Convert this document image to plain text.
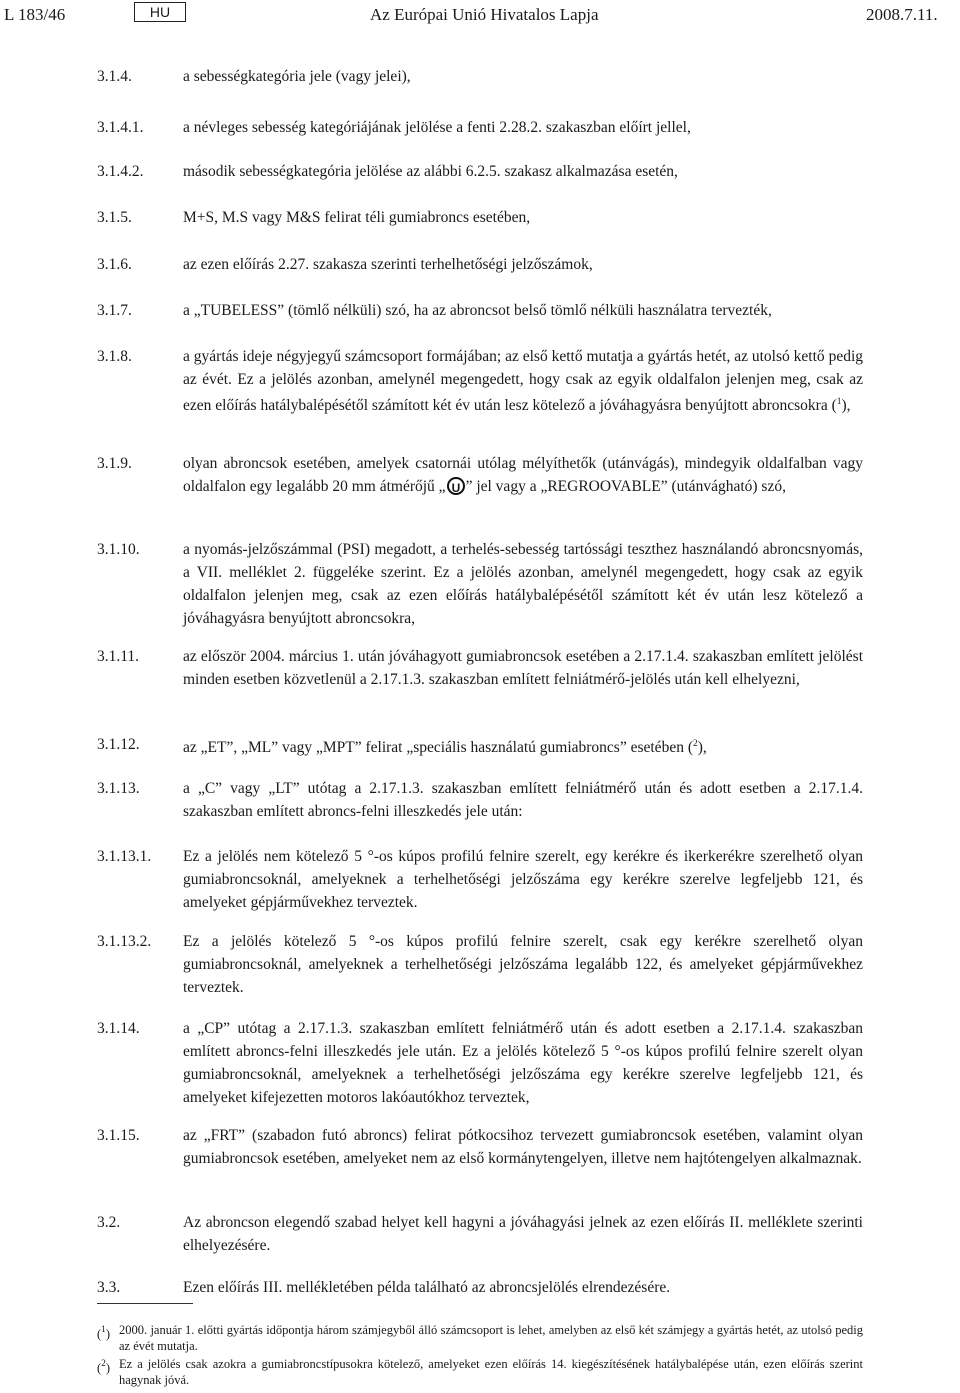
L 183/46	HU	Az Európai Unió Hivatalos Lapja	2008.7.11.
3.1.4.	a sebességkategória jele (vagy jelei),
3.1.4.1.	a névleges sebesség kategóriájának jelölése a fenti 2.28.2. szakaszban előírt jellel,
3.1.4.2.	második sebességkategória jelölése az alábbi 6.2.5. szakasz alkalmazása esetén,
3.1.5.	M+S, M.S vagy M&S felirat téli gumiabroncs esetében,
3.1.6.	az ezen előírás 2.27. szakasza szerinti terhelhetőségi jelzőszámok,
3.1.7.	a „TUBELESS” (tömlő nélküli) szó, ha az abroncsot belső tömlő nélküli használatra tervezték,
3.1.8.	a gyártás ideje négyjegyű számcsoport formájában; az első kettő mutatja a gyártás hetét, az utolsó kettő pedig az évét. Ez a jelölés azonban, amelynél megengedett, hogy csak az egyik oldalfalon jelenjen meg, csak az ezen előírás hatálybalépésétől számított két év után lesz kötelező a jóváhagyásra benyújtott abroncsokra ($^1$),
3.1.9.	olyan abroncsok esetében, amelyek csatornái utólag mélyíthetők (utánvágás), mindegyik oldalfalban vagy oldalfalon egy legalább 20 mm átmérőjű „U ” jel vagy a „REGROOVABLE” (utánvágható) szó,
3.1.10.	a nyomás-jelzőszámmal (PSI) megadott, a terhelés-sebesség tartóssági teszthez használandó abroncsnyomás, a VII. melléklet 2. függeléke szerint. Ez a jelölés azonban, amelynél megengedett, hogy csak az egyik oldalfalon jelenjen meg, csak az ezen előírás hatálybalépésétől számított két év után lesz kötelező a jóváhagyásra benyújtott abroncsokra,
3.1.11.	az először 2004. március 1. után jóváhagyott gumiabroncsok esetében a 2.17.1.4. szakaszban említett jelölést minden esetben közvetlenül a 2.17.1.3. szakaszban említett felniátmérő-jelölés után kell elhelyezni,
3.1.12.	az „ET”, „ML” vagy „MPT” felirat „speciális használatú gumiabroncs” esetében ($^2$),
3.1.13.	a „C” vagy „LT” utótag a 2.17.1.3. szakaszban említett felniátmérő után és adott esetben a 2.17.1.4. szakaszban említett abroncs-felni illeszkedés jele után:
3.1.13.1. Ez a jelölés nem kötelező 5 °-os kúpos profilú felnire szerelt, egy kerékre és ikerkerékre szerelhető olyan gumiabroncsoknál, amelyeknek a terhelhetőségi jelzőszáma egy kerékre szerelve legfeljebb 121, és amelyeket gépjárművekhez terveztek.
3.1.13.2. Ez a jelölés kötelező 5 °-os kúpos profilú felnire szerelt, csak egy kerékre szerelhető olyan gumiabroncsoknál, amelyeknek a terhelhetőségi jelzőszáma legalább 122, és amelyeket gépjárművekhez terveztek.
3.1.14.	a „CP” utótag a 2.17.1.3. szakaszban említett felniátmérő után és adott esetben a 2.17.1.4. szakaszban említett abroncs-felni illeszkedés jele után. Ez a jelölés kötelező 5 °-os kúpos profilú felnire szerelt olyan gumiabroncsoknál, amelyeknek a terhelhetőségi jelzőszáma egy kerékre szerelve legfeljebb 121, és amelyeket kifejezetten motoros lakóautókhoz terveztek,
3.1.15.	az „FRT” (szabadon futó abroncs) felirat pótkocsihoz tervezett gumiabroncsok esetében, valamint olyan gumiabroncsok esetében, amelyeket nem az első kormánytengelyen, illetve nem hajtótengelyen alkalmaznak.
3.2.	Az abroncson elegendő szabad helyet kell hagyni a jóváhagyási jelnek az ezen előírás II. melléklete szerinti elhelyezésére.
3.3.	Ezen előírás III. mellékletében példa található az abroncsjelölés elrendezésére.
($^1$) 2000. január 1. előtti gyártás időpontja három számjegyből álló számcsoport is lehet, amelyben az első két számjegy a gyártás hetét, az utolsó pedig az évét mutatja.
($^2$) Ez a jelölés csak azokra a gumiabroncstípusokra kötelező, amelyeket ezen előírás 14. kiegészítésének hatálybalépése után, ezen előírás szerint hagynak jóvá.
